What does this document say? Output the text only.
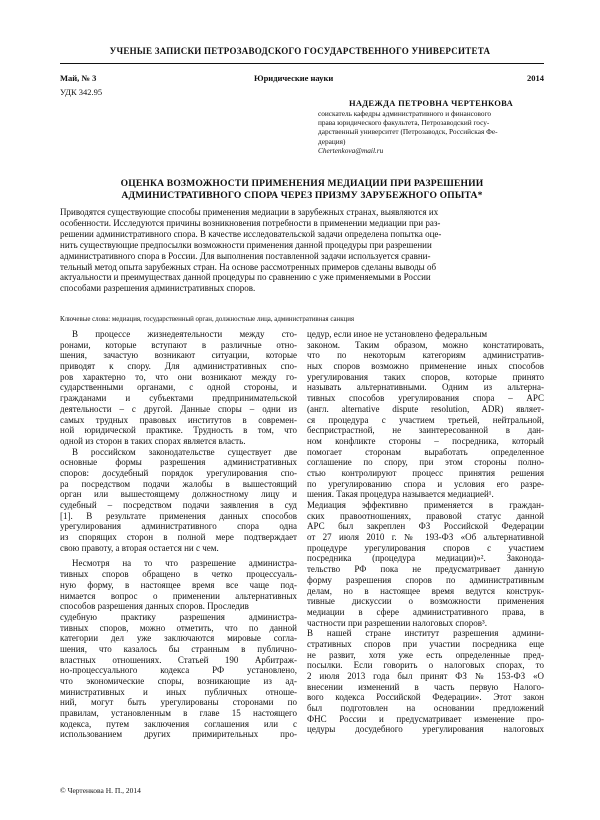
УЧЕНЫЕ ЗАПИСКИ ПЕТРОЗАВОДСКОГО ГОСУДАРСТВЕННОГО УНИВЕРСИТЕТА
Май, № 3	Юридические науки	2014
УДК 342.95
НАДЕЖДА ПЕТРОВНА ЧЕРТЕНКОВА
соискатель кафедры административного и финансового
права юридического факультета, Петрозаводский госу-
дарственный университет (Петрозаводск, Российская Фе-
дерация)
Chertenkova@mail.ru
ОЦЕНКА ВОЗМОЖНОСТИ ПРИМЕНЕНИЯ МЕДИАЦИИ ПРИ РАЗРЕШЕНИИ
АДМИНИСТРАТИВНОГО СПОРА ЧЕРЕЗ ПРИЗМУ ЗАРУБЕЖНОГО ОПЫТА*
Приводятся существующие способы применения медиации в зарубежных странах, выявляются их
особенности. Исследуются причины возникновения потребности в применении медиации при раз-
решении административного спора. В качестве исследовательской задачи определена попытка оце-
нить существующие предпосылки возможности применения данной процедуры при разрешении
административного спора в России. Для выполнения поставленной задачи используется сравни-
тельный метод опыта зарубежных стран. На основе рассмотренных примеров сделаны выводы об
актуальности и преимуществах данной процедуры по сравнению с уже применяемыми в России
способами разрешения административных споров.
Ключевые слова: медиация, государственный орган, должностные лица, административная санкция
В процессе жизнедеятельности между сто-
ронами, которые вступают в различные отно-
шения, зачастую возникают ситуации, которые
приводят к спору. Для административных спо-
ров характерно то, что они возникают между го-
сударственными органами, с одной стороны, и
гражданами и субъектами предпринимательской
деятельности – с другой. Данные споры – одни из
самых трудных правовых институтов в современ-
ной юридической практике. Трудность в том, что
одной из сторон в таких спорах является власть.
В российском законодательстве существует две
основные формы разрешения административных
споров: досудебный порядок урегулирования спо-
ра посредством подачи жалобы в вышестоящий
орган или вышестоящему должностному лицу и
судебный – посредством подачи заявления в суд
[1]. В результате применения данных способов
урегулирования административного спора одна
из спорящих сторон в полной мере подтверждает
свою правоту, а вторая остается ни с чем.
Несмотря на то что разрешение администра-
тивных споров обращено в четко процессуаль-
ную форму, в настоящее время все чаще под-
нимается вопрос о применении альтернативных
способов разрешения данных споров. Проследив
судебную практику разрешения администра-
тивных споров, можно отметить, что по данной
категории дел уже заключаются мировые согла-
шения, что казалось бы странным в публично-
властных отношениях. Статьей 190 Арбитраж-
но-процессуального кодекса РФ установлено,
что экономические споры, возникающие из ад-
министративных и иных публичных отноше-
ний, могут быть урегулированы сторонами по
правилам, установленным в главе 15 настоящего
кодекса, путем заключения соглашения или с
использованием других примирительных про-
цедур, если иное не установлено федеральным
законом. Таким образом, можно констатировать,
что по некоторым категориям административ-
ных споров возможно применение иных способов
урегулирования таких споров, которые принято
называть альтернативными. Одним из альтерна-
тивных способов урегулирования спора – АРС
(англ. alternative dispute resolution, ADR) являет-
ся процедура с участием третьей, нейтральной,
беспристрастной, не заинтересованной в дан-
ном конфликте стороны – посредника, который
помогает сторонам выработать определенное
соглашение по спору, при этом стороны полно-
стью контролируют процесс принятия решения
по урегулированию спора и условия его разре-
шения. Такая процедура называется медиацией¹.
Медиация эффективно применяется в граждан-
ских правоотношениях, правовой статус данной
АРС был закреплен ФЗ Российской Федерации
от 27 июля 2010 г. № 193-ФЗ «Об альтернативной
процедуре урегулирования споров с участием
посредника (процедура медиации)»². Законода-
тельство РФ пока не предусматривает данную
форму разрешения споров по административным
делам, но в настоящее время ведутся конструк-
тивные дискуссии о возможности применения
медиации в сфере административного права, в
частности при разрешении налоговых споров³.
В нашей стране институт разрешения админи-
стративных споров при участии посредника еще
не развит, хотя уже есть определенные пред-
посылки. Если говорить о налоговых спорах, то
2 июля 2013 года был принят ФЗ № 153-ФЗ «О
внесении изменений в часть первую Налого-
вого кодекса Российской Федерации». Этот закон
был подготовлен на основании предложений
ФНС России и предусматривает изменение про-
цедуры досудебного урегулирования налоговых
© Чертенкова Н. П., 2014
